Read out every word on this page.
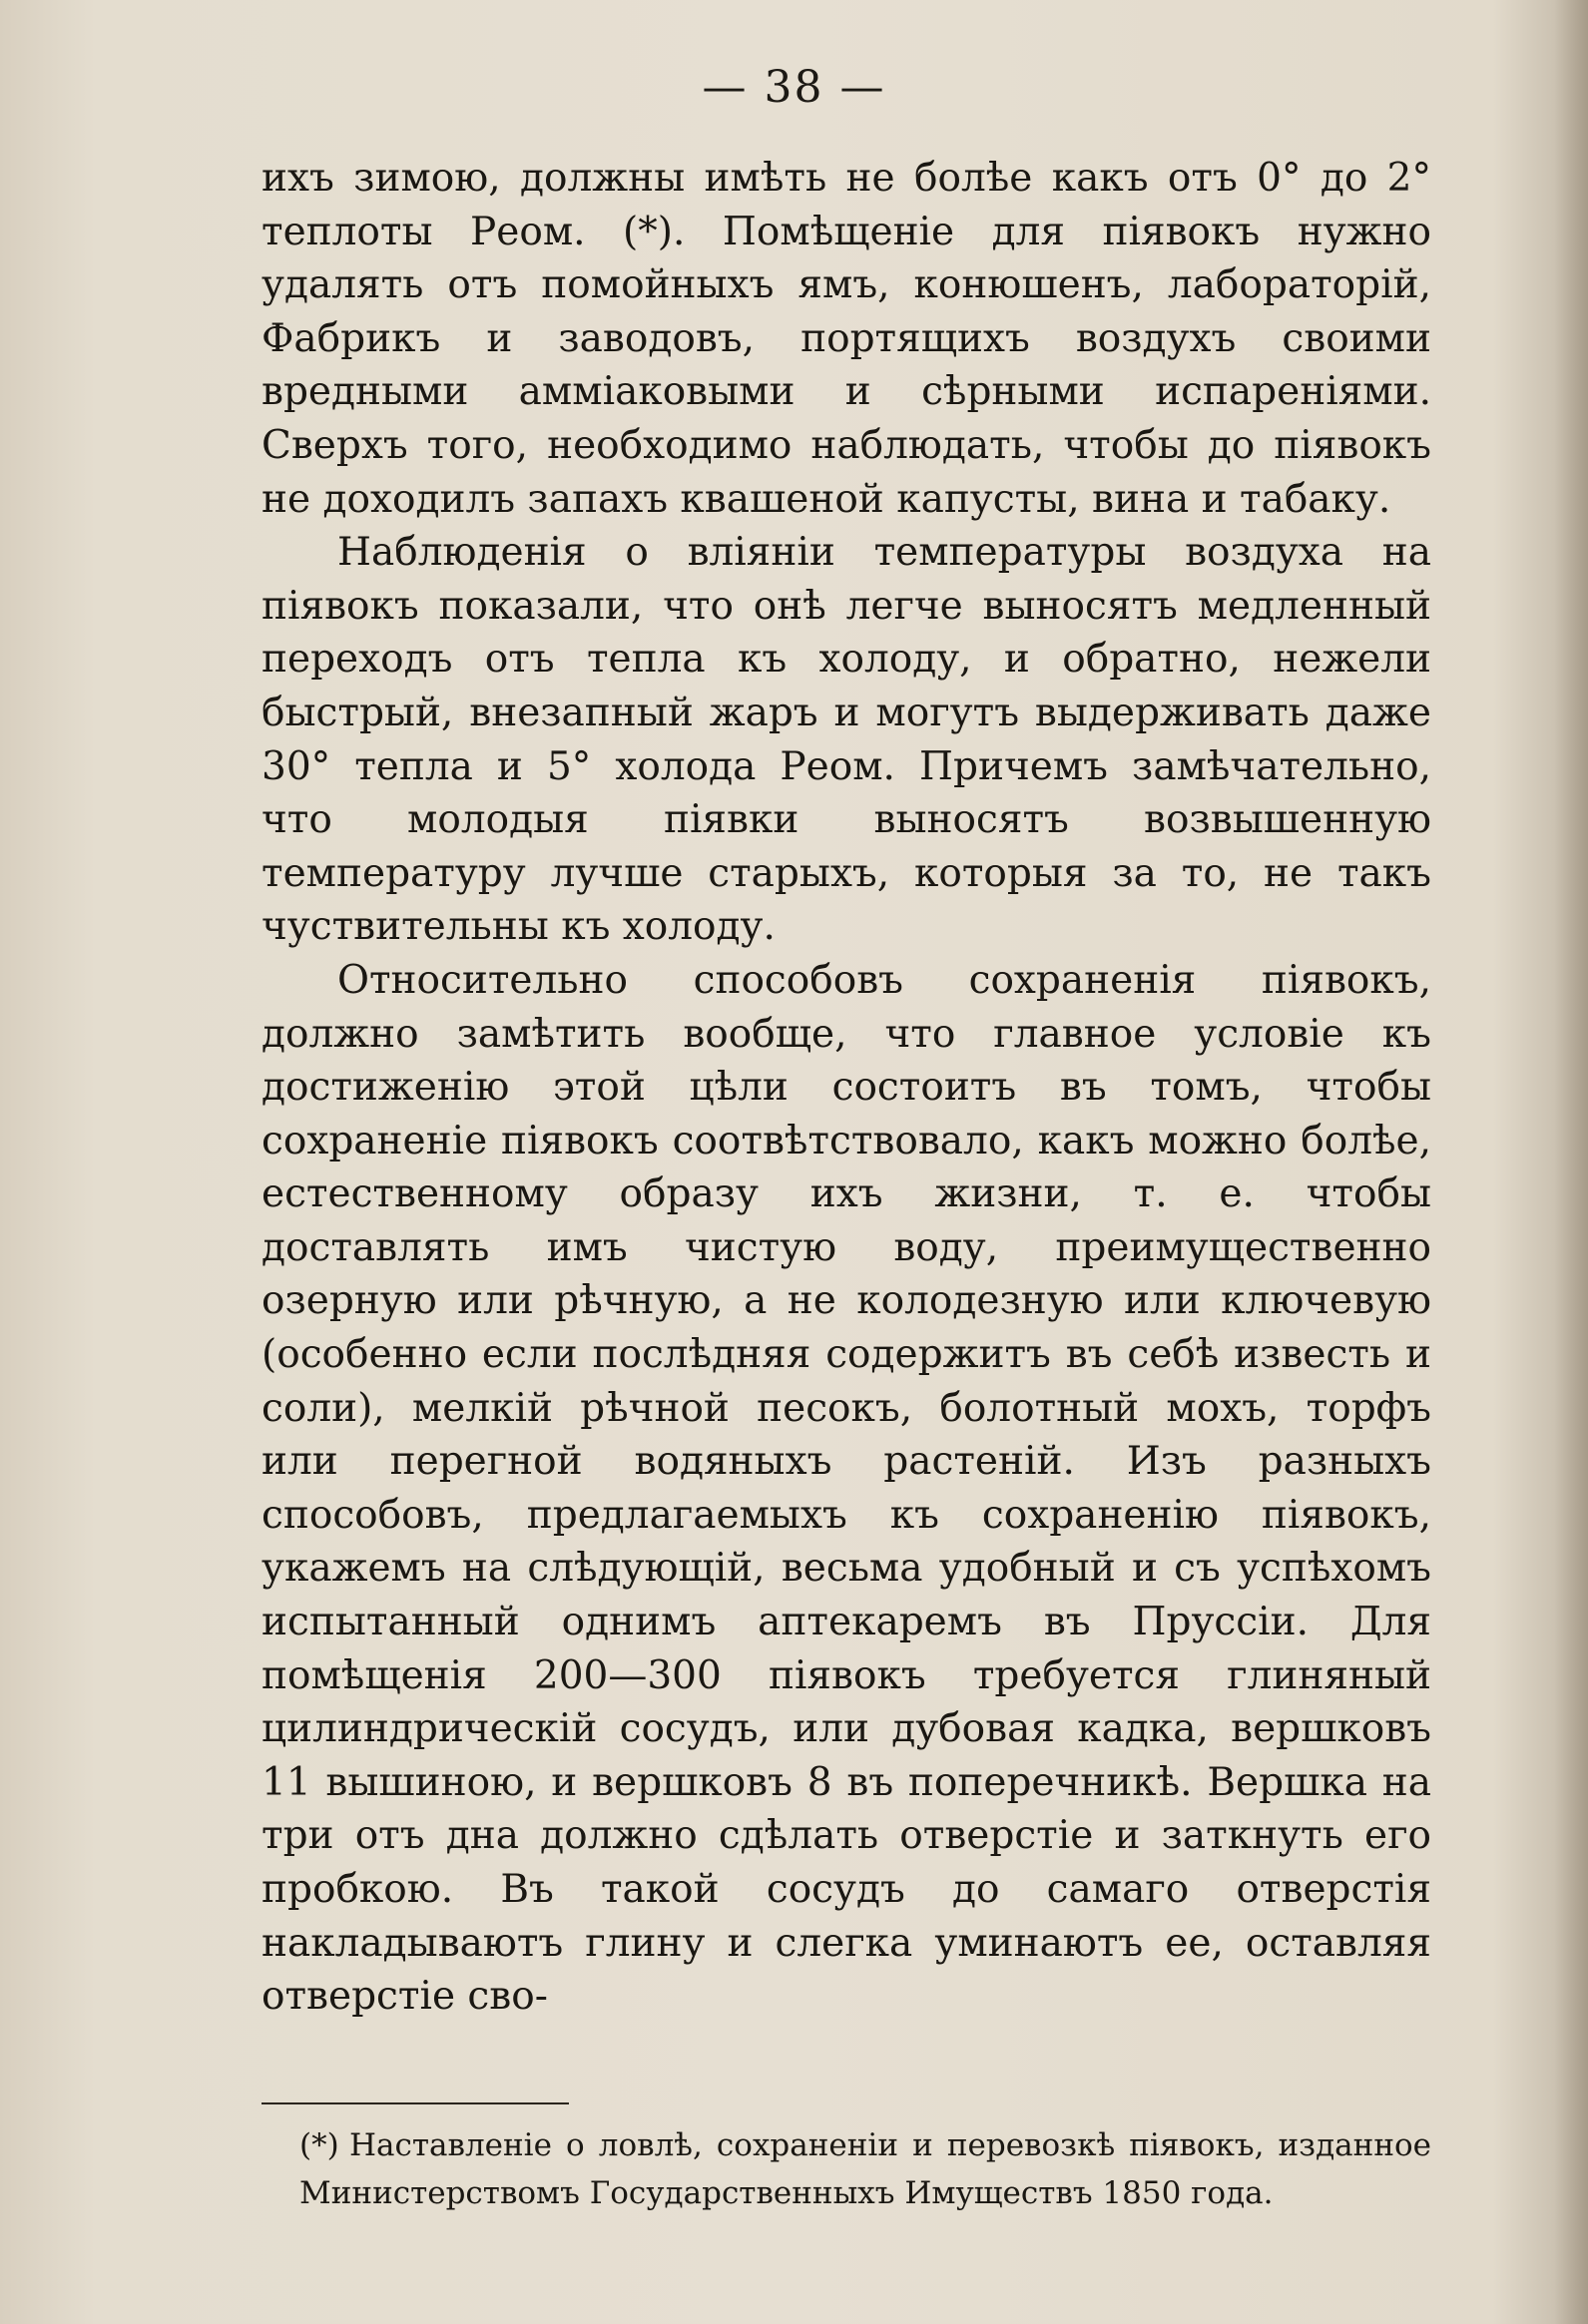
— 38 —

ихъ зимою, должны имѣть не болѣе какъ отъ 0° до 2° теплоты Реом. (*). Помѣщеніе для піявокъ нужно удалять отъ помойныхъ ямъ, конюшенъ, лабораторій, Фабрикъ и заводовъ, портящихъ воздухъ своими вредными амміаковыми и сѣрными испареніями. Сверхъ того, необходимо наблюдать, чтобы до піявокъ не доходилъ запахъ квашеной капусты, вина и табаку.

Наблюденія о вліяніи температуры воздуха на піявокъ показали, что онѣ легче выносятъ медленный переходъ отъ тепла къ холоду, и обратно, нежели быстрый, внезапный жаръ и могутъ выдерживать даже 30° тепла и 5° холода Реом. Причемъ замѣчательно, что молодыя піявки выносятъ возвышенную температуру лучше старыхъ, которыя за то, не такъ чуствительны къ холоду.

Относительно способовъ сохраненія піявокъ, должно замѣтить вообще, что главное условіе къ достиженію этой цѣли состоитъ въ томъ, чтобы сохраненіе піявокъ соотвѣтствовало, какъ можно болѣе, естественному образу ихъ жизни, т. е. чтобы доставлять имъ чистую воду, преимущественно озерную или рѣчную, а не колодезную или ключевую (особенно если послѣдняя содержитъ въ себѣ известь и соли), мелкій рѣчной песокъ, болотный мохъ, торфъ или перегной водяныхъ растеній. Изъ разныхъ способовъ, предлагаемыхъ къ сохраненію піявокъ, укажемъ на слѣдующій, весьма удобный и съ успѣхомъ испытанный однимъ аптекаремъ въ Пруссіи. Для помѣщенія 200—300 піявокъ требуется глиняный цилиндрическій сосудъ, или дубовая кадка, вершковъ 11 вышиною, и вершковъ 8 въ поперечникѣ. Вершка на три отъ дна должно сдѣлать отверстіе и заткнуть его пробкою. Въ такой сосудъ до самаго отверстія накладываютъ глину и слегка уминаютъ ее, оставляя отверстіе сво-

(*) Наставленіе о ловлѣ, сохраненіи и перевозкѣ піявокъ, изданное Министерствомъ Государственныхъ Имуществъ 1850 года.
